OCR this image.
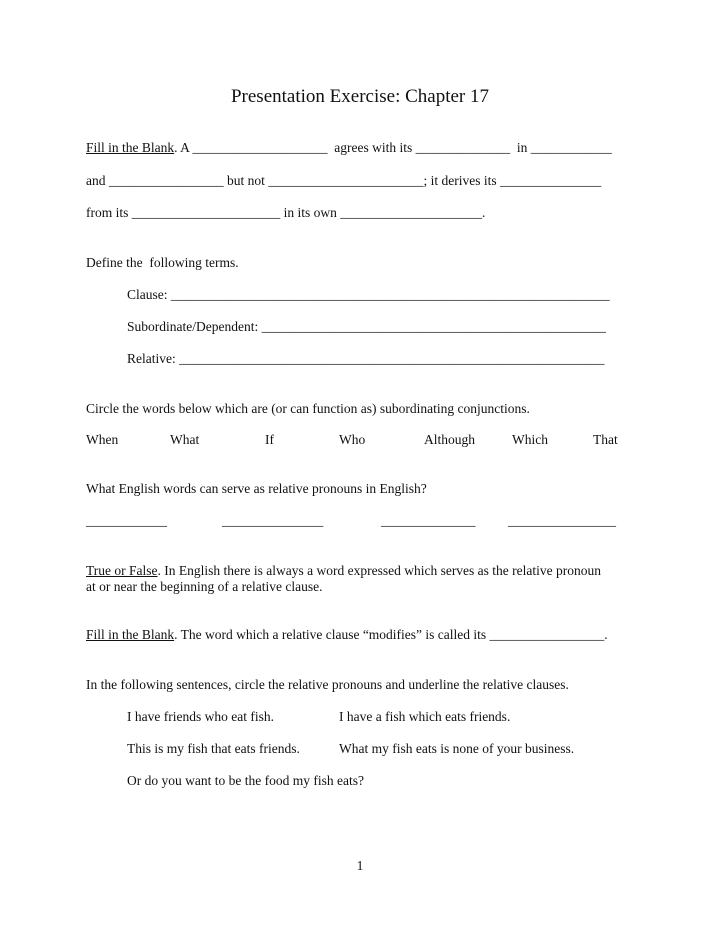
Presentation Exercise: Chapter 17
Fill in the Blank. A ____________________  agrees with its ______________  in ____________
and _________________ but not _______________________; it derives its _______________
from its ______________________ in its own _____________________.
Define the  following terms.
Clause: _________________________________________________________________
Subordinate/Dependent: ___________________________________________________
Relative: _______________________________________________________________
Circle the words below which are (or can function as) subordinating conjunctions.
When	What	If	Who	Although	Which	That
What English words can serve as relative pronouns in English?
____________	_______________	______________ ________________
True or False. In English there is always a word expressed which serves as the relative pronoun
at or near the beginning of a relative clause.
Fill in the Blank. The word which a relative clause “modifies” is called its _________________.
In the following sentences, circle the relative pronouns and underline the relative clauses.
I have friends who eat fish.	I have a fish which eats friends.
This is my fish that eats friends.	What my fish eats is none of your business.
Or do you want to be the food my fish eats?
1
